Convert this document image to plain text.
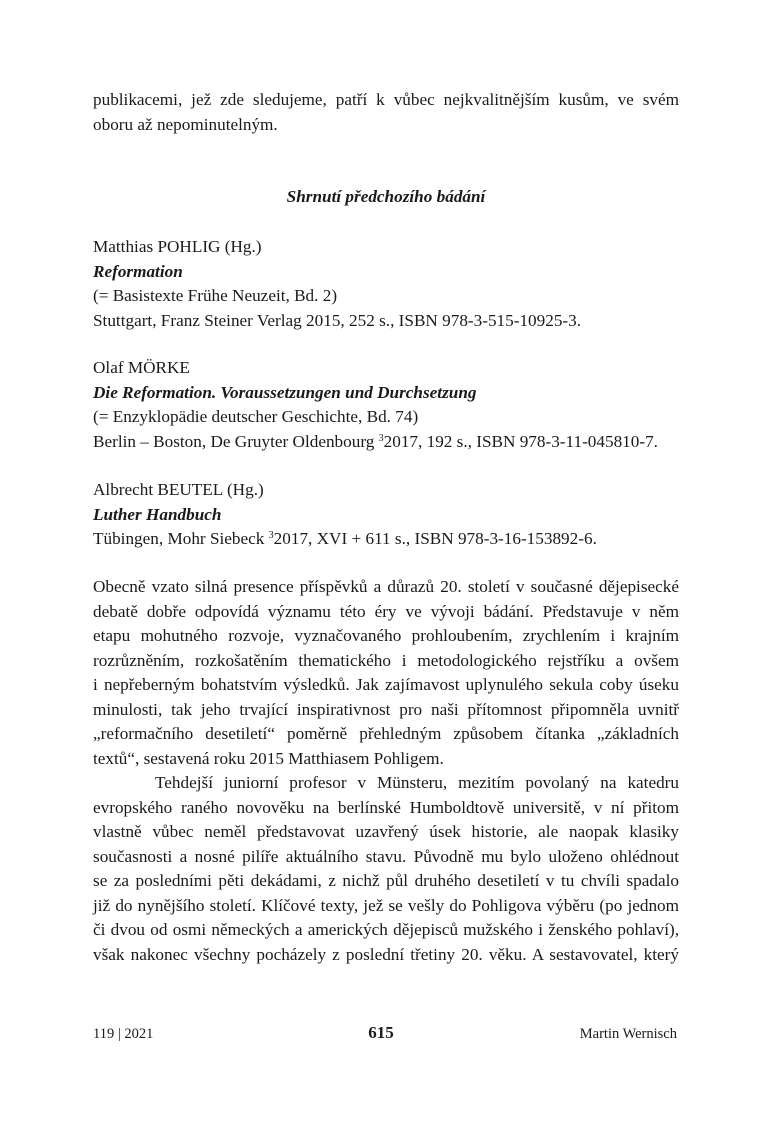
publikacemi, jež zde sledujeme, patří k vůbec nejkvalitnějším kusům, ve svém

oboru až nepominutelným.

Shrnutí předchozího bádání

Matthias POHLIG (Hg.)

Reformation

(= Basistexte Frühe Neuzeit, Bd. 2)

Stuttgart, Franz Steiner Verlag 2015, 252 s., ISBN 978-3-515-10925-3.

Olaf MÖRKE

Die Reformation. Voraussetzungen und Durchsetzung

(= Enzyklopädie deutscher Geschichte, Bd. 74)

Berlin – Boston, De Gruyter Oldenbourg $^3$2017, 192 s., ISBN 978-3-11-045810-7.

Albrecht BEUTEL (Hg.)

Luther Handbuch

Tübingen, Mohr Siebeck $^3$2017, XVI + 611 s., ISBN 978-3-16-153892-6.

Obecně vzato silná presence příspěvků a důrazů 20. století v současné dějepisecké

debatě dobře odpovídá významu této éry ve vývoji bádání. Představuje v něm

etapu mohutného rozvoje, vyznačovaného prohloubením, zrychlením i krajním

rozrůzněním, rozkošatěním thematického i metodologického rejstříku a ovšem

i nepřeberným bohatstvím výsledků. Jak zajímavost uplynulého sekula coby úseku

minulosti, tak jeho trvající inspirativnost pro naši přítomnost připomněla uvnitř

„reformačního desetiletí“ poměrně přehledným způsobem čítanka „základních

textů“, sestavená roku 2015 Matthiasem Pohligem.

Tehdejší juniorní profesor v Münsteru, mezitím povolaný na katedru

evropského raného novověku na berlínské Humboldtově universitě, v ní přitom

vlastně vůbec neměl představovat uzavřený úsek historie, ale naopak klasiky

současnosti a nosné pilíře aktuálního stavu. Původně mu bylo uloženo ohlédnout

se za posledními pěti dekádami, z nichž půl druhého desetiletí v tu chvíli spadalo

již do nynějšího století. Klíčové texty, jež se vešly do Pohligova výběru (po jednom

či dvou od osmi německých a amerických dějepisců mužského i ženského pohlaví),

však nakonec všechny pocházely z poslední třetiny 20. věku. A sestavovatel, který

119 | 2021	615	Martin Wernisch
